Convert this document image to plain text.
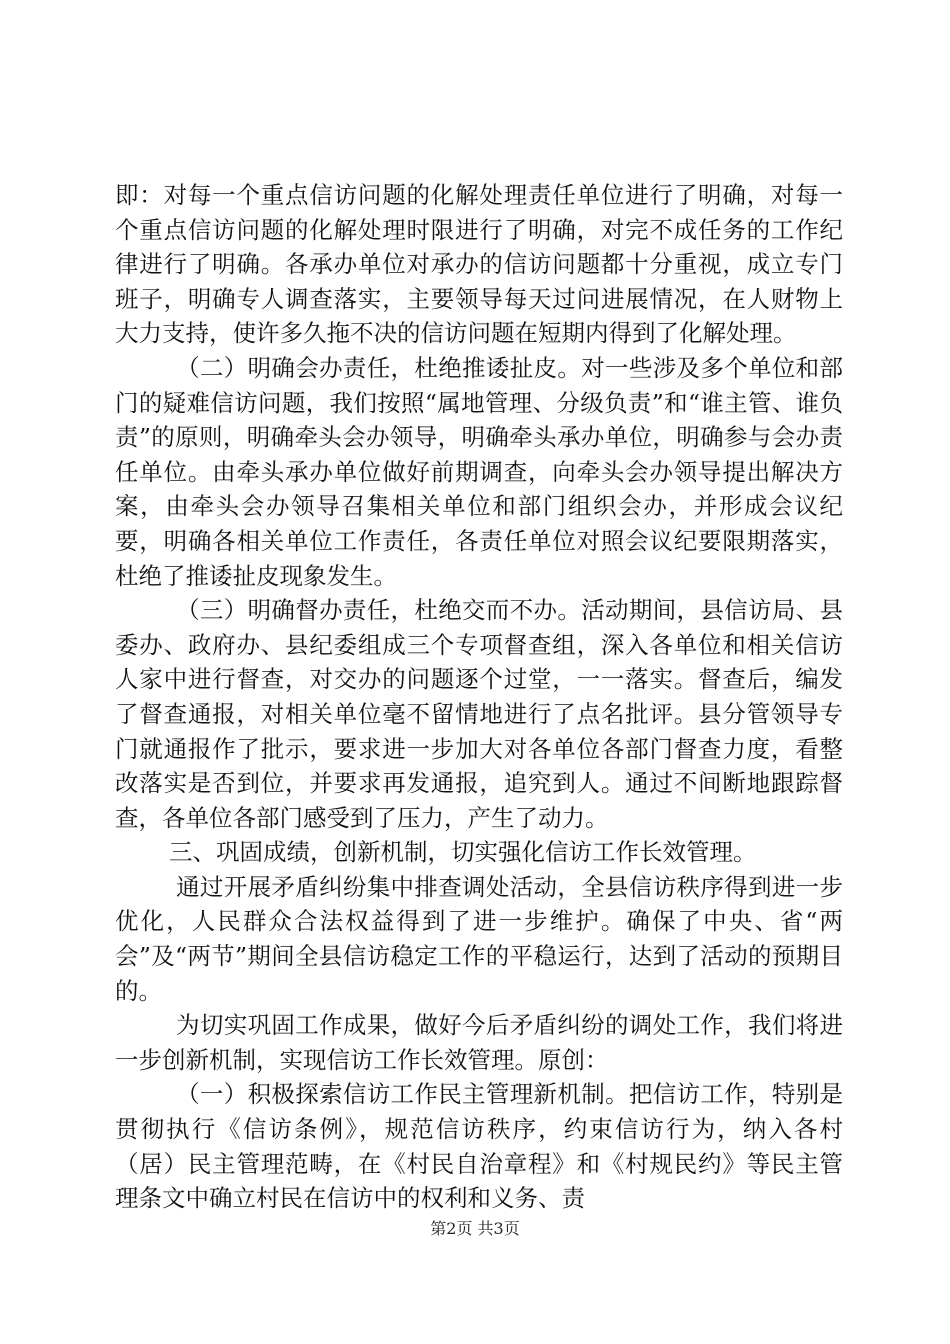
即：对每一个重点信访问题的化解处理责任单位进行了明确，对每一个重点信访问题的化解处理时限进行了明确，对完不成任务的工作纪律进行了明确。各承办单位对承办的信访问题都十分重视，成立专门班子，明确专人调查落实，主要领导每天过问进展情况，在人财物上大力支持，使许多久拖不决的信访问题在短期内得到了化解处理。

（二）明确会办责任，杜绝推诿扯皮。对一些涉及多个单位和部门的疑难信访问题，我们按照“属地管理、分级负责”和“谁主管、谁负责”的原则，明确牵头会办领导，明确牵头承办单位，明确参与会办责任单位。由牵头承办单位做好前期调查，向牵头会办领导提出解决方案，由牵头会办领导召集相关单位和部门组织会办，并形成会议纪要，明确各相关单位工作责任，各责任单位对照会议纪要限期落实，杜绝了推诿扯皮现象发生。

（三）明确督办责任，杜绝交而不办。活动期间，县信访局、县委办、政府办、县纪委组成三个专项督查组，深入各单位和相关信访人家中进行督查，对交办的问题逐个过堂，一一落实。督查后，编发了督查通报，对相关单位毫不留情地进行了点名批评。县分管领导专门就通报作了批示，要求进一步加大对各单位各部门督查力度，看整改落实是否到位，并要求再发通报，追究到人。通过不间断地跟踪督查，各单位各部门感受到了压力，产生了动力。

三、巩固成绩，创新机制，切实强化信访工作长效管理。

通过开展矛盾纠纷集中排查调处活动，全县信访秩序得到进一步优化，人民群众合法权益得到了进一步维护。确保了中央、省“两会”及“两节”期间全县信访稳定工作的平稳运行，达到了活动的预期目的。

为切实巩固工作成果，做好今后矛盾纠纷的调处工作，我们将进一步创新机制，实现信访工作长效管理。原创：

（一）积极探索信访工作民主管理新机制。把信访工作，特别是贯彻执行《信访条例》，规范信访秩序，约束信访行为，纳入各村（居）民主管理范畴，在《村民自治章程》和《村规民约》等民主管理条文中确立村民在信访中的权利和义务、责

第2页 共3页
